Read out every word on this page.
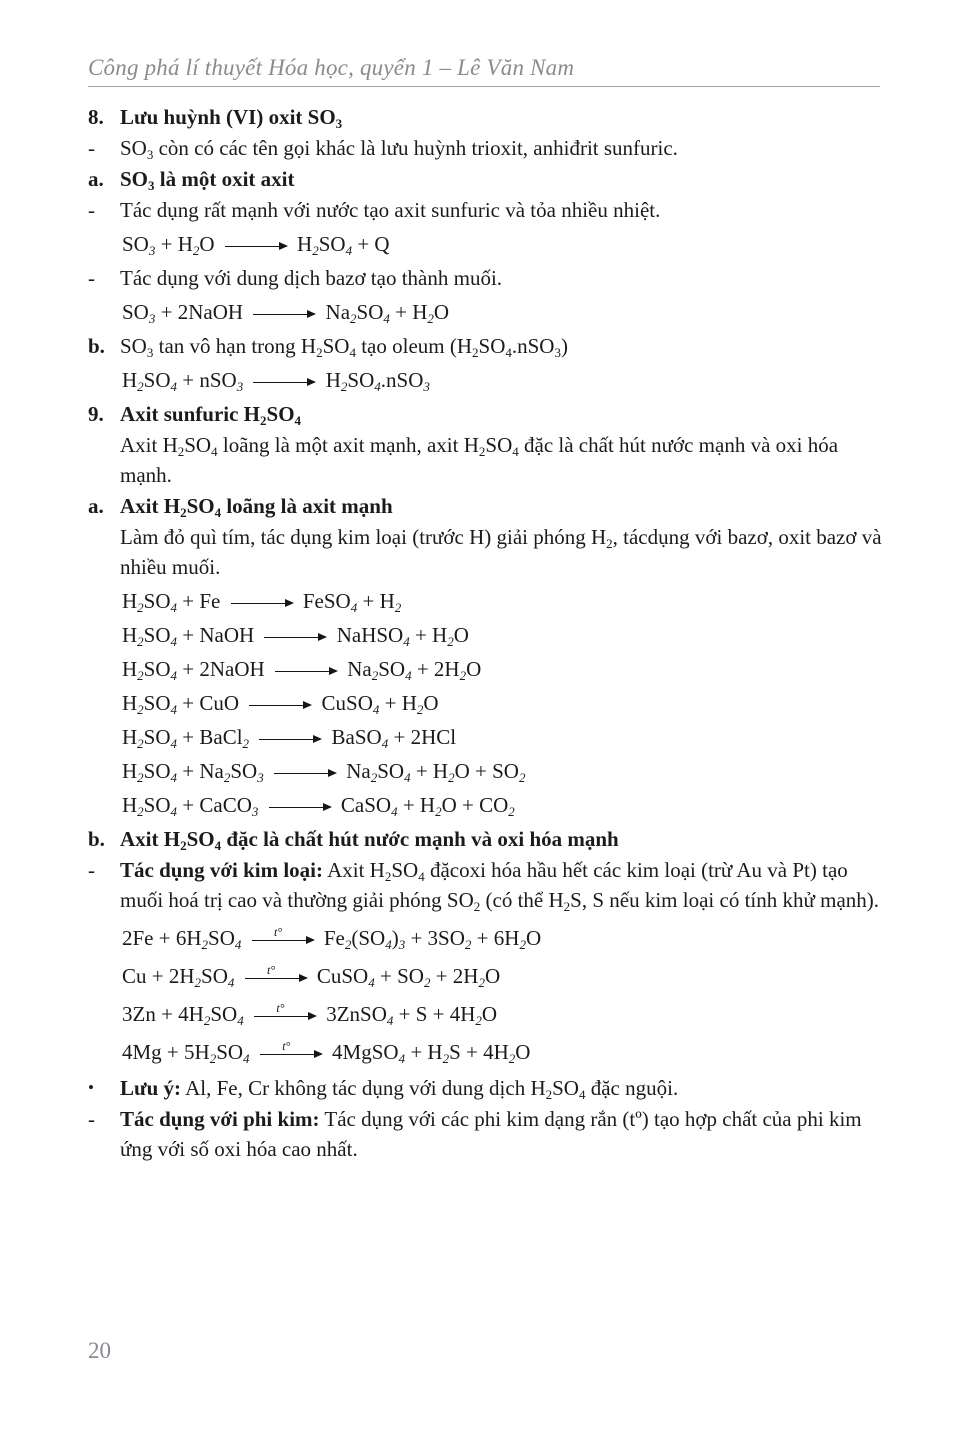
Công phá lí thuyết Hóa học, quyển 1 – Lê Văn Nam
8. Lưu huỳnh (VI) oxit $SO_3$
-	$SO_3$ còn có các tên gọi khác là lưu huỳnh trioxit, anhiđrit sunfuric.
a. $SO_3$ là một oxit axit
-	Tác dụng rất mạnh với nước tạo axit sunfuric và tỏa nhiều nhiệt.
$SO_3 + H_2O$	$H_2SO_4 + Q$
-	Tác dụng với dung dịch bazơ tạo thành muối.
$SO_3$ + 2NaOH	$Na_2SO_4 + H_2O$
b. $SO_3$ tan vô hạn trong $H_2SO_4$ tạo oleum $(H_2SO_4.nSO_3)$
$H_2SO_4 + nSO_3$	$H_2SO_4.nSO_3$
9. Axit sunfuric $H_2SO_4$
Axit $H_2SO_4$ loãng là một axit mạnh, axit $H_2SO_4$ đặc là chất hút nước mạnh và oxi hóa mạnh.
a. Axit $H_2SO_4$ loãng là axit mạnh
Làm đỏ quì tím, tác dụng kim loại (trước H) giải phóng $H_2$, tácdụng với bazơ, oxit bazơ và nhiều muối.
$H_2SO_4 + Fe$	FeSO$_4$ + $H_2$
$H_2SO_4$ + NaOH	NaHSO$_4$ + $H_2O$
$H_2SO_4$ + 2NaOH	$Na_2SO_4 + 2H_2O$
$H_2SO_4$ + CuO	CuSO$_4$ + $H_2O$
$H_2SO_4$ + BaCl$_2$	BaSO$_4$ + 2HCl
$H_2SO_4 + Na_2SO_3$	$Na_2SO_4 + H_2O + SO_2$
$H_2SO_4$ + CaCO$_3$	CaSO$_4$ + $H_2O + CO_2$
b. Axit $H_2SO_4$ đặc là chất hút nước mạnh và oxi hóa mạnh
-	Tác dụng với kim loại: Axit $H_2SO_4$ đặcoxi hóa hầu hết các kim loại (trừ Au và Pt) tạo muối hoá trị cao và thường giải phóng $SO_2$ (có thể $H_2S$, S nếu kim loại có tính khử mạnh).
$2Fe + 6H_2SO_4$
t°	$Fe_2(SO_4)_3 + 3SO_2 + 6H_2O$
$Cu + 2H_2SO_4$
t°	CuSO$_4$ + $SO_2 + 2H_2O$
$3Zn + 4H_2SO_4$
t°	3ZnSO$_4$ + $S + 4H_2O$
$4Mg + 5H_2SO_4$
t°	4MgSO$_4$ + $H_2S + 4H_2O$
•	Lưu ý: Al, Fe, Cr không tác dụng với dung dịch $H_2SO_4$ đặc nguội.
-	Tác dụng với phi kim: Tác dụng với các phi kim dạng rắn (tº) tạo hợp chất của phi kim ứng với số oxi hóa cao nhất.
20
